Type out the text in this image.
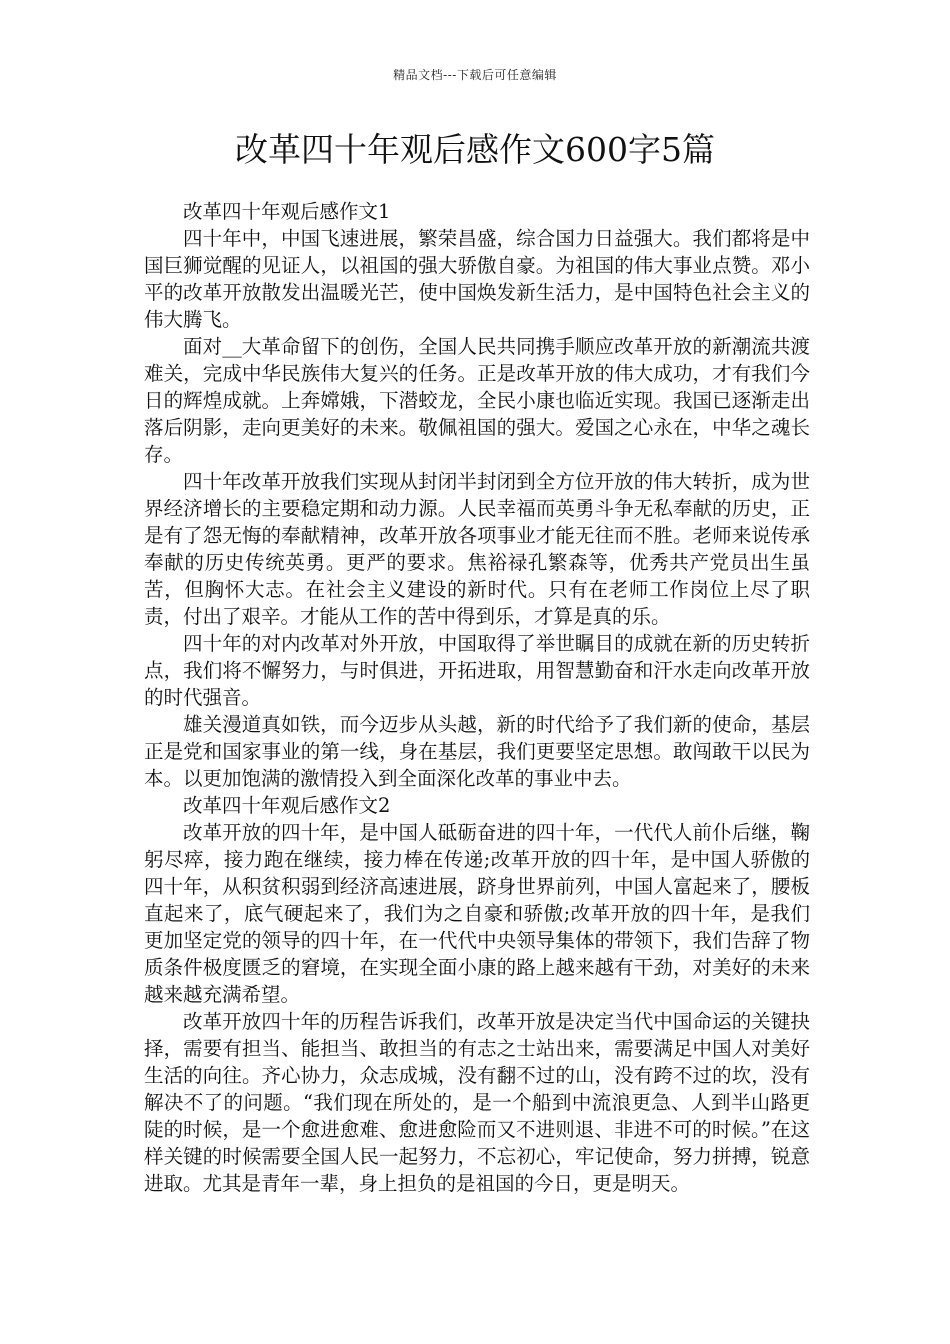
精品文档---下载后可任意编辑
改革四十年观后感作文600字5篇

改革四十年观后感作文1

四十年中，中国飞速进展，繁荣昌盛，综合国力日益强大。我们都将是中国巨狮觉醒的见证人，以祖国的强大骄傲自豪。为祖国的伟大事业点赞。邓小平的改革开放散发出温暖光芒，使中国焕发新生活力，是中国特色社会主义的伟大腾飞。

面对__大革命留下的创伤，全国人民共同携手顺应改革开放的新潮流共渡难关，完成中华民族伟大复兴的任务。正是改革开放的伟大成功，才有我们今日的辉煌成就。上奔嫦娥，下潜蛟龙，全民小康也临近实现。我国已逐渐走出落后阴影，走向更美好的未来。敬佩祖国的强大。爱国之心永在，中华之魂长存。

四十年改革开放我们实现从封闭半封闭到全方位开放的伟大转折，成为世界经济增长的主要稳定期和动力源。人民幸福而英勇斗争无私奉献的历史，正是有了怨无悔的奉献精神，改革开放各项事业才能无往而不胜。老师来说传承奉献的历史传统英勇。更严的要求。焦裕禄孔繁森等，优秀共产党员出生虽苦，但胸怀大志。在社会主义建设的新时代。只有在老师工作岗位上尽了职责，付出了艰辛。才能从工作的苦中得到乐，才算是真的乐。

四十年的对内改革对外开放，中国取得了举世瞩目的成就在新的历史转折点，我们将不懈努力，与时俱进，开拓进取，用智慧勤奋和汗水走向改革开放的时代强音。

雄关漫道真如铁，而今迈步从头越，新的时代给予了我们新的使命，基层正是党和国家事业的第一线，身在基层，我们更要坚定思想。敢闯敢干以民为本。以更加饱满的激情投入到全面深化改革的事业中去。

改革四十年观后感作文2

改革开放的四十年，是中国人砥砺奋进的四十年，一代代人前仆后继，鞠躬尽瘁，接力跑在继续，接力棒在传递;改革开放的四十年，是中国人骄傲的四十年，从积贫积弱到经济高速进展，跻身世界前列，中国人富起来了，腰板直起来了，底气硬起来了，我们为之自豪和骄傲;改革开放的四十年，是我们更加坚定党的领导的四十年，在一代代中央领导集体的带领下，我们告辞了物质条件极度匮乏的窘境，在实现全面小康的路上越来越有干劲，对美好的未来越来越充满希望。

改革开放四十年的历程告诉我们，改革开放是决定当代中国命运的关键抉择，需要有担当、能担当、敢担当的有志之士站出来，需要满足中国人对美好生活的向往。齐心协力，众志成城，没有翻不过的山，没有跨不过的坎，没有解决不了的问题。“我们现在所处的，是一个船到中流浪更急、人到半山路更陡的时候，是一个愈进愈难、愈进愈险而又不进则退、非进不可的时候。”在这样关键的时候需要全国人民一起努力，不忘初心，牢记使命，努力拼搏，锐意进取。尤其是青年一辈，身上担负的是祖国的今日，更是明天。
